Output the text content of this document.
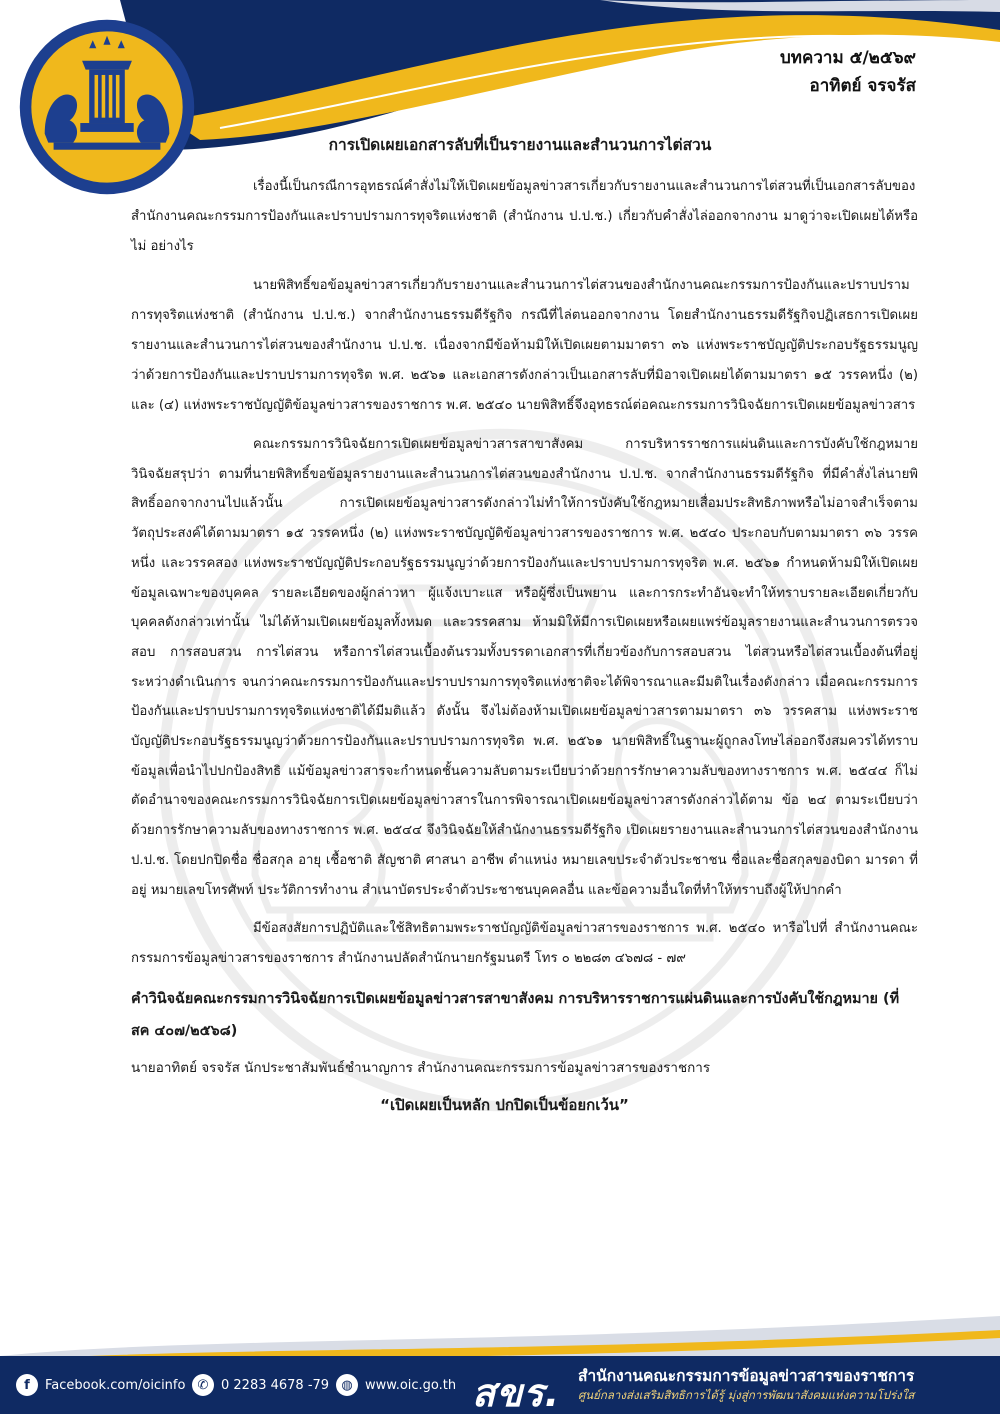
บทความ ๕/๒๕๖๙
อาทิตย์ จรจรัส
การเปิดเผยเอกสารลับที่เป็นรายงานและสำนวนการไต่สวน

เรื่องนี้เป็นกรณีการอุทธรณ์คำสั่งไม่ให้เปิดเผยข้อมูลข่าวสารเกี่ยวกับรายงานและสำนวนการไต่สวนที่เป็นเอกสารลับของสำนักงานคณะกรรมการป้องกันและปราบปรามการทุจริตแห่งชาติ (สำนักงาน ป.ป.ช.) เกี่ยวกับคำสั่งไล่ออกจากงาน มาดูว่าจะเปิดเผยได้หรือไม่ อย่างไร

นายพิสิทธิ์ขอข้อมูลข่าวสารเกี่ยวกับรายงานและสำนวนการไต่สวนของสำนักงานคณะกรรมการป้องกันและปราบปรามการทุจริตแห่งชาติ (สำนักงาน ป.ป.ช.) จากสำนักงานธรรมดีรัฐกิจ กรณีที่ไล่ตนออกจากงาน โดยสำนักงานธรรมดีรัฐกิจปฏิเสธการเปิดเผยรายงานและสำนวนการไต่สวนของสำนักงาน ป.ป.ช. เนื่องจากมีข้อห้ามมิให้เปิดเผยตามมาตรา ๓๖ แห่งพระราชบัญญัติประกอบรัฐธรรมนูญว่าด้วยการป้องกันและปราบปรามการทุจริต พ.ศ. ๒๕๖๑ และเอกสารดังกล่าวเป็นเอกสารลับที่มิอาจเปิดเผยได้ตามมาตรา ๑๕ วรรคหนึ่ง (๒) และ (๔) แห่งพระราชบัญญัติข้อมูลข่าวสารของราชการ พ.ศ. ๒๕๔๐ นายพิสิทธิ์จึงอุทธรณ์ต่อคณะกรรมการวินิจฉัยการเปิดเผยข้อมูลข่าวสาร

คณะกรรมการวินิจฉัยการเปิดเผยข้อมูลข่าวสารสาขาสังคม การบริหารราชการแผ่นดินและการบังคับใช้กฎหมายวินิจฉัยสรุปว่า ตามที่นายพิสิทธิ์ขอข้อมูลรายงานและสำนวนการไต่สวนของสำนักงาน ป.ป.ช. จากสำนักงานธรรมดีรัฐกิจ ที่มีคำสั่งไล่นายพิสิทธิ์ออกจากงานไปแล้วนั้น การเปิดเผยข้อมูลข่าวสารดังกล่าวไม่ทำให้การบังคับใช้กฎหมายเสื่อมประสิทธิภาพหรือไม่อาจสำเร็จตามวัตถุประสงค์ได้ตามมาตรา ๑๕ วรรคหนึ่ง (๒) แห่งพระราชบัญญัติข้อมูลข่าวสารของราชการ พ.ศ. ๒๕๔๐ ประกอบกับตามมาตรา ๓๖ วรรคหนึ่ง และวรรคสอง แห่งพระราชบัญญัติประกอบรัฐธรรมนูญว่าด้วยการป้องกันและปราบปรามการทุจริต พ.ศ. ๒๕๖๑ กำหนดห้ามมิให้เปิดเผยข้อมูลเฉพาะของบุคคล รายละเอียดของผู้กล่าวหา ผู้แจ้งเบาะแส หรือผู้ซึ่งเป็นพยาน และการกระทำอันจะทำให้ทราบรายละเอียดเกี่ยวกับบุคคลดังกล่าวเท่านั้น ไม่ได้ห้ามเปิดเผยข้อมูลทั้งหมด และวรรคสาม ห้ามมิให้มีการเปิดเผยหรือเผยแพร่ข้อมูลรายงานและสำนวนการตรวจสอบ การสอบสวน การไต่สวน หรือการไต่สวนเบื้องต้นรวมทั้งบรรดาเอกสารที่เกี่ยวข้องกับการสอบสวน ไต่สวนหรือไต่สวนเบื้องต้นที่อยู่ระหว่างดำเนินการ จนกว่าคณะกรรมการป้องกันและปราบปรามการทุจริตแห่งชาติจะได้พิจารณาและมีมติในเรื่องดังกล่าว เมื่อคณะกรรมการป้องกันและปราบปรามการทุจริตแห่งชาติได้มีมติแล้ว ดังนั้น จึงไม่ต้องห้ามเปิดเผยข้อมูลข่าวสารตามมาตรา ๓๖ วรรคสาม แห่งพระราชบัญญัติประกอบรัฐธรรมนูญว่าด้วยการป้องกันและปราบปรามการทุจริต พ.ศ. ๒๕๖๑ นายพิสิทธิ์ในฐานะผู้ถูกลงโทษไล่ออกจึงสมควรได้ทราบข้อมูลเพื่อนำไปปกป้องสิทธิ แม้ข้อมูลข่าวสารจะกำหนดชั้นความลับตามระเบียบว่าด้วยการรักษาความลับของทางราชการ พ.ศ. ๒๕๔๔ ก็ไม่ตัดอำนาจของคณะกรรมการวินิจฉัยการเปิดเผยข้อมูลข่าวสารในการพิจารณาเปิดเผยข้อมูลข่าวสารดังกล่าวได้ตาม ข้อ ๒๔ ตามระเบียบว่าด้วยการรักษาความลับของทางราชการ พ.ศ. ๒๕๔๔ จึงวินิจฉัยให้สำนักงานธรรมดีรัฐกิจ เปิดเผยรายงานและสำนวนการไต่สวนของสำนักงาน ป.ป.ช. โดยปกปิดชื่อ ชื่อสกุล อายุ เชื้อชาติ สัญชาติ ศาสนา อาชีพ ตำแหน่ง หมายเลขประจำตัวประชาชน ชื่อและชื่อสกุลของบิดา มารดา ที่อยู่ หมายเลขโทรศัพท์ ประวัติการทำงาน สำเนาบัตรประจำตัวประชาชนบุคคลอื่น และข้อความอื่นใดที่ทำให้ทราบถึงผู้ให้ปากคำ

มีข้อสงสัยการปฏิบัติและใช้สิทธิตามพระราชบัญญัติข้อมูลข่าวสารของราชการ พ.ศ. ๒๕๔๐ หารือไปที่ สำนักงานคณะกรรมการข้อมูลข่าวสารของราชการ สำนักงานปลัดสำนักนายกรัฐมนตรี โทร ๐ ๒๒๘๓ ๔๖๗๘ - ๗๙

คำวินิจฉัยคณะกรรมการวินิจฉัยการเปิดเผยข้อมูลข่าวสารสาขาสังคม การบริหารราชการแผ่นดินและการบังคับใช้กฎหมาย (ที่ สค ๔๐๗/๒๕๖๘)

นายอาทิตย์ จรจรัส นักประชาสัมพันธ์ชำนาญการ สำนักงานคณะกรรมการข้อมูลข่าวสารของราชการ

“เปิดเผยเป็นหลัก ปกปิดเป็นข้อยกเว้น”
f	Facebook.com/oicinfo ✆ 0 2283 4678 -79 ◍ www.oic.go.th สขร. สำนักงานคณะกรรมการข้อมูลข่าวสารของราชการ
ศูนย์กลางส่งเสริมสิทธิการได้รู้ มุ่งสู่การพัฒนาสังคมแห่งความโปร่งใส
